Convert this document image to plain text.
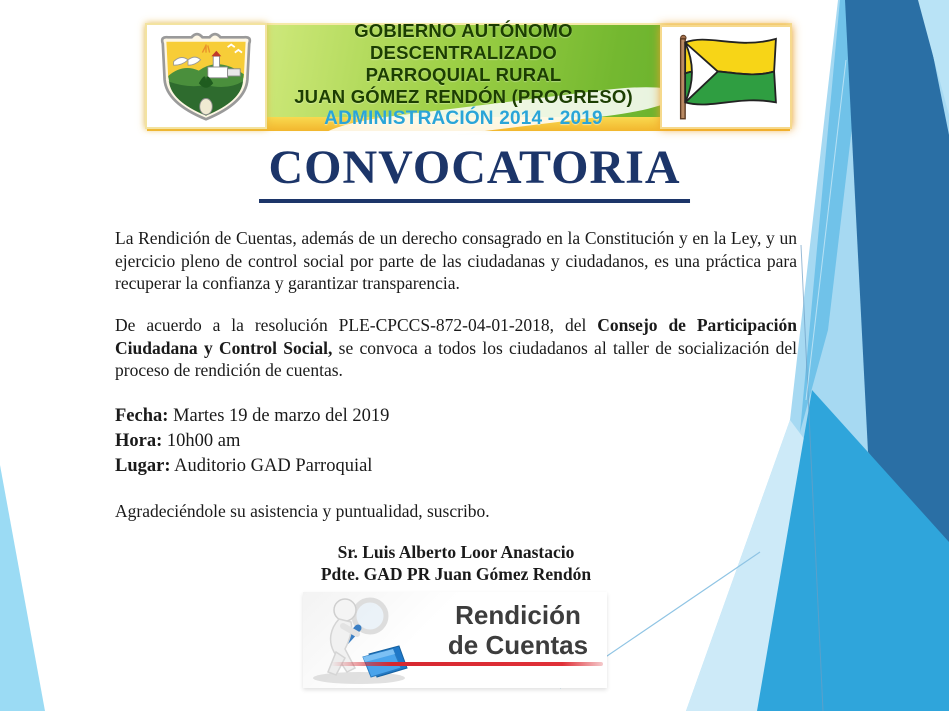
GOBIERNO AUTÓNOMO DESCENTRALIZADO
PARROQUIAL RURAL
JUAN GÓMEZ RENDÓN (PROGRESO)
ADMINISTRACIÓN 2014 - 2019
CONVOCATORIA

La Rendición de Cuentas, además de un derecho consagrado en la Constitución y en la Ley, y un ejercicio pleno de control social por parte de las ciudadanas y ciudadanos, es una práctica para recuperar la confianza y garantizar transparencia.

De acuerdo a la resolución PLE-CPCCS-872-04-01-2018, del Consejo de Participación Ciudadana y Control Social, se convoca a todos los ciudadanos al taller de socialización del proceso de rendición de cuentas.

Fecha: Martes 19 de marzo del 2019
Hora: 10h00 am
Lugar: Auditorio GAD Parroquial

Agradeciéndole su asistencia y puntualidad, suscribo.

Sr. Luis Alberto Loor Anastacio
Pdte. GAD PR Juan Gómez Rendón
Rendición
de Cuentas
